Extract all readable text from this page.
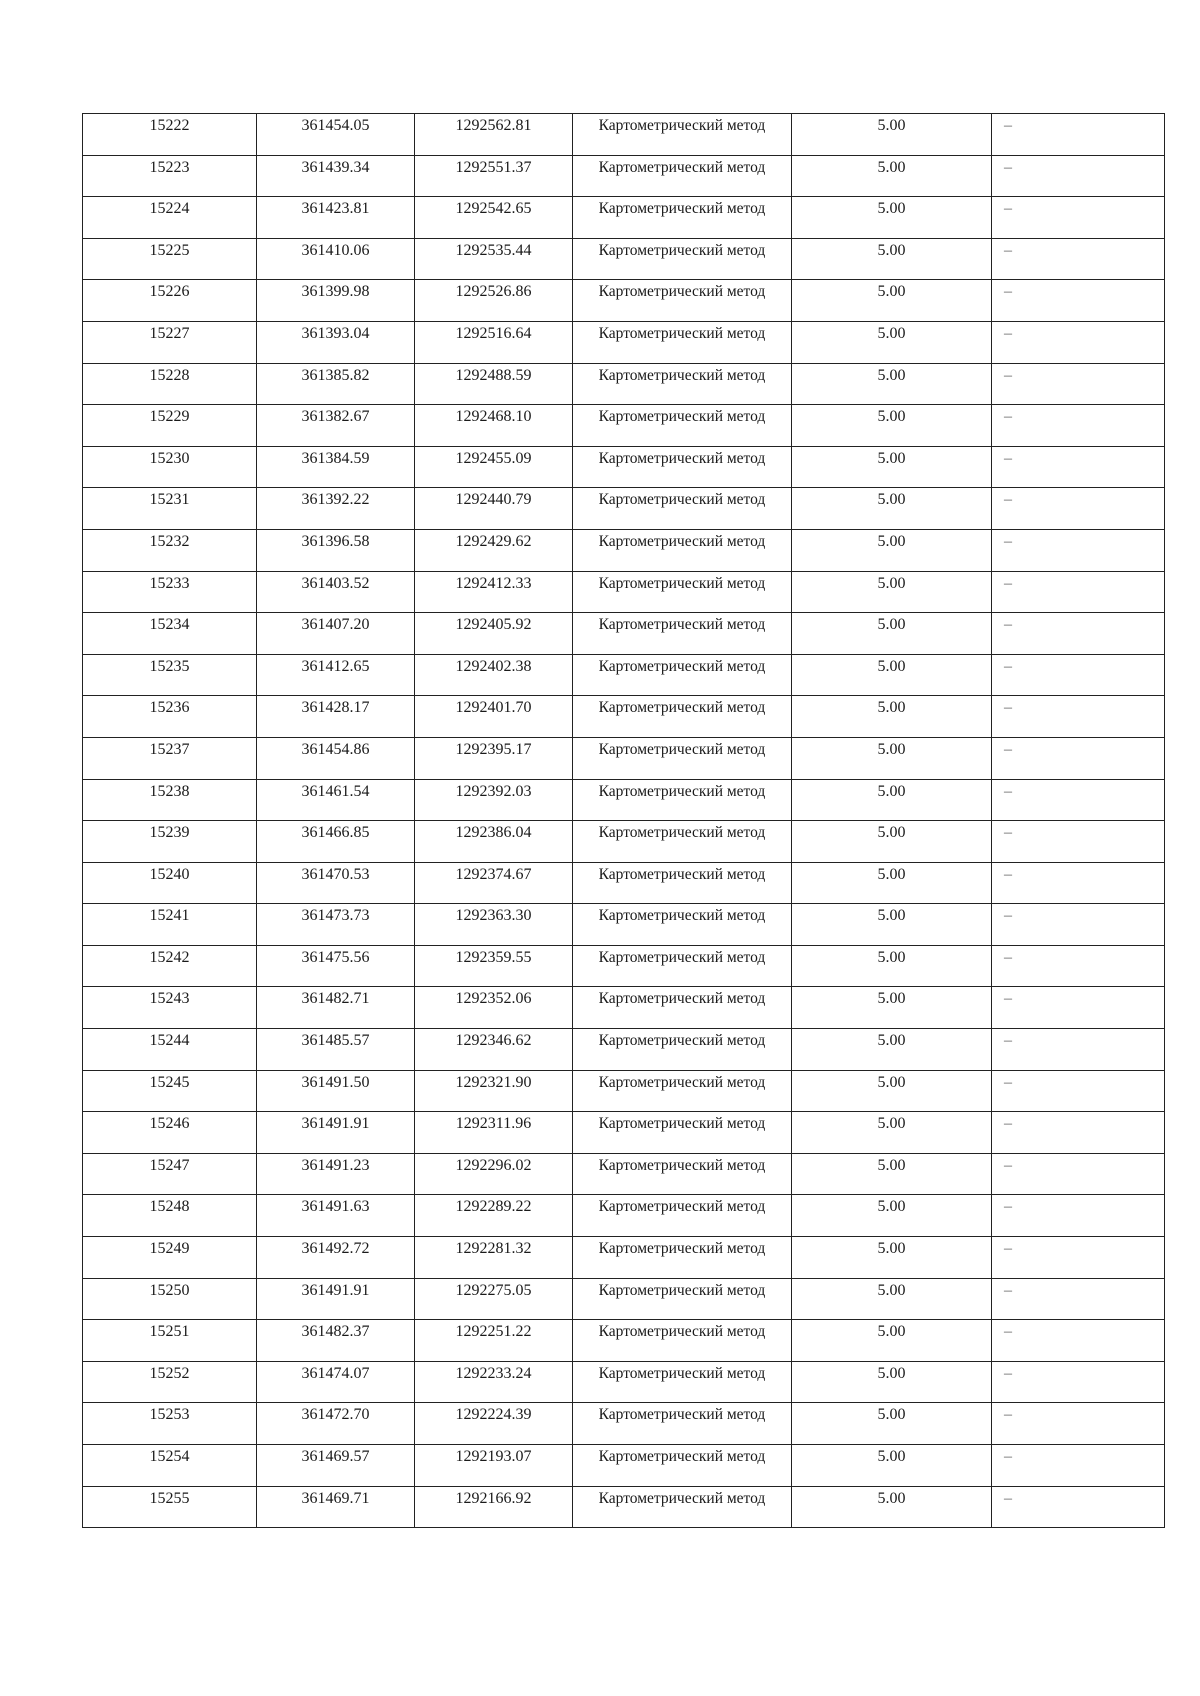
15222	361454.05	1292562.81	Картометрический метод	5.00	–
15223	361439.34	1292551.37	Картометрический метод	5.00	–
15224	361423.81	1292542.65	Картометрический метод	5.00	–
15225	361410.06	1292535.44	Картометрический метод	5.00	–
15226	361399.98	1292526.86	Картометрический метод	5.00	–
15227	361393.04	1292516.64	Картометрический метод	5.00	–
15228	361385.82	1292488.59	Картометрический метод	5.00	–
15229	361382.67	1292468.10	Картометрический метод	5.00	–
15230	361384.59	1292455.09	Картометрический метод	5.00	–
15231	361392.22	1292440.79	Картометрический метод	5.00	–
15232	361396.58	1292429.62	Картометрический метод	5.00	–
15233	361403.52	1292412.33	Картометрический метод	5.00	–
15234	361407.20	1292405.92	Картометрический метод	5.00	–
15235	361412.65	1292402.38	Картометрический метод	5.00	–
15236	361428.17	1292401.70	Картометрический метод	5.00	–
15237	361454.86	1292395.17	Картометрический метод	5.00	–
15238	361461.54	1292392.03	Картометрический метод	5.00	–
15239	361466.85	1292386.04	Картометрический метод	5.00	–
15240	361470.53	1292374.67	Картометрический метод	5.00	–
15241	361473.73	1292363.30	Картометрический метод	5.00	–
15242	361475.56	1292359.55	Картометрический метод	5.00	–
15243	361482.71	1292352.06	Картометрический метод	5.00	–
15244	361485.57	1292346.62	Картометрический метод	5.00	–
15245	361491.50	1292321.90	Картометрический метод	5.00	–
15246	361491.91	1292311.96	Картометрический метод	5.00	–
15247	361491.23	1292296.02	Картометрический метод	5.00	–
15248	361491.63	1292289.22	Картометрический метод	5.00	–
15249	361492.72	1292281.32	Картометрический метод	5.00	–
15250	361491.91	1292275.05	Картометрический метод	5.00	–
15251	361482.37	1292251.22	Картометрический метод	5.00	–
15252	361474.07	1292233.24	Картометрический метод	5.00	–
15253	361472.70	1292224.39	Картометрический метод	5.00	–
15254	361469.57	1292193.07	Картометрический метод	5.00	–
15255	361469.71	1292166.92	Картометрический метод	5.00	–
